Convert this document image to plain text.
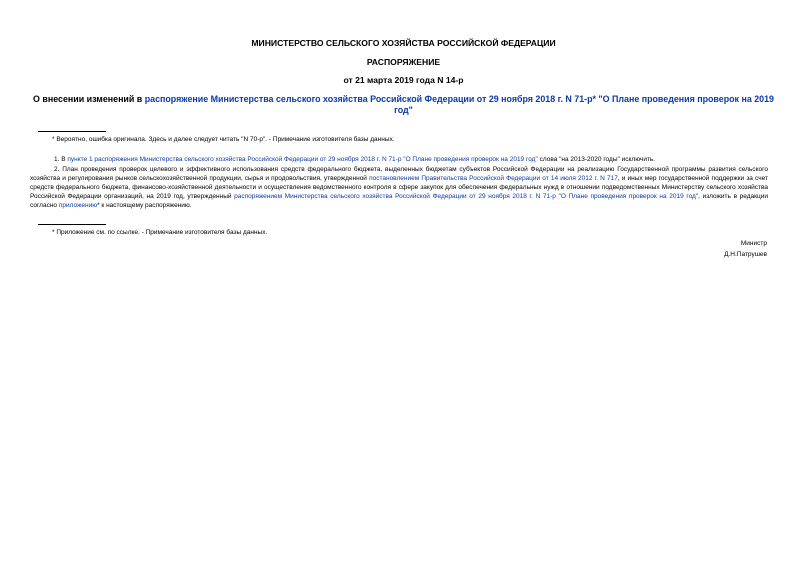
МИНИСТЕРСТВО СЕЛЬСКОГО ХОЗЯЙСТВА РОССИЙСКОЙ ФЕДЕРАЦИИ
РАСПОРЯЖЕНИЕ
от 21 марта 2019 года N 14-р
О внесении изменений в распоряжение Министерства сельского хозяйства Российской Федерации от 29 ноября 2018 г. N 71-р* "О Плане проведения проверок на 2019 год"
* Вероятно, ошибка оригинала. Здесь и далее следует читать "N 70-р". - Примечание изготовителя базы данных.
1. В пункте 1 распоряжения Министерства сельского хозяйства Российской Федерации от 29 ноября 2018 г. N 71-р "О Плане проведения проверок на 2019 год" слова "на 2013-2020 годы" исключить.
2. План проведения проверок целевого и эффективного использования средств федерального бюджета, выделенных бюджетам субъектов Российской Федерации на реализацию Государственной программы развития сельского хозяйства и регулирования рынков сельскохозяйственной продукции, сырья и продовольствия, утвержденной постановлением Правительства Российской Федерации от 14 июля 2012 г. N 717, и иных мер государственной поддержки за счет средств федерального бюджета, финансово-хозяйственной деятельности и осуществления ведомственного контроля в сфере закупок для обеспечения федеральных нужд в отношении подведомственных Министерству сельского хозяйства Российской Федерации организаций, на 2019 год, утвержденный распоряжением Министерства сельского хозяйства Российской Федерации от 29 ноября 2018 г. N 71-р "О Плане проведения проверок на 2019 год", изложить в редакции согласно приложению* к настоящему распоряжению.
* Приложение см. по ссылке. - Примечание изготовителя базы данных.
Министр
Д.Н.Патрушев
